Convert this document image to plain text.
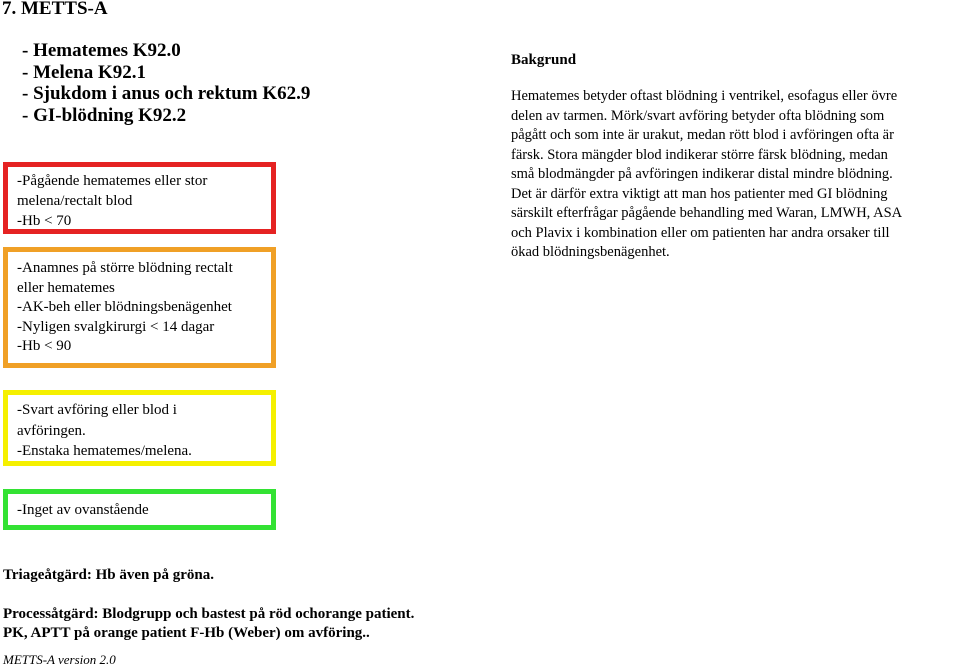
7. METTS-A
- Hematemes K92.0
- Melena K92.1
- Sjukdom i anus och rektum K62.9
- GI-blödning K92.2
-Pågående hematemes eller stor
melena/rectalt blod
-Hb < 70
-Anamnes på större blödning rectalt
eller hematemes
-AK-beh eller blödningsbenägenhet
-Nyligen svalgkirurgi < 14 dagar
-Hb < 90
-Svart avföring eller blod i
avföringen.
-Enstaka hematemes/melena.
-Inget av ovanstående

Bakgrund

Hematemes betyder oftast blödning i ventrikel, esofagus eller övre
delen av tarmen. Mörk/svart avföring betyder ofta blödning som
pågått och som inte är urakut, medan rött blod i avföringen ofta är
färsk. Stora mängder blod indikerar större färsk blödning, medan
små blodmängder på avföringen indikerar distal mindre blödning.
Det är därför extra viktigt att man hos patienter med GI blödning
särskilt efterfrågar pågående behandling med Waran, LMWH, ASA
och Plavix i kombination eller om patienten har andra orsaker till
ökad blödningsbenägenhet.
Triageåtgärd: Hb även på gröna.
Processåtgärd: Blodgrupp och bastest på röd ochorange patient.
PK, APTT på orange patient F-Hb (Weber) om avföring..
METTS-A version 2.0
